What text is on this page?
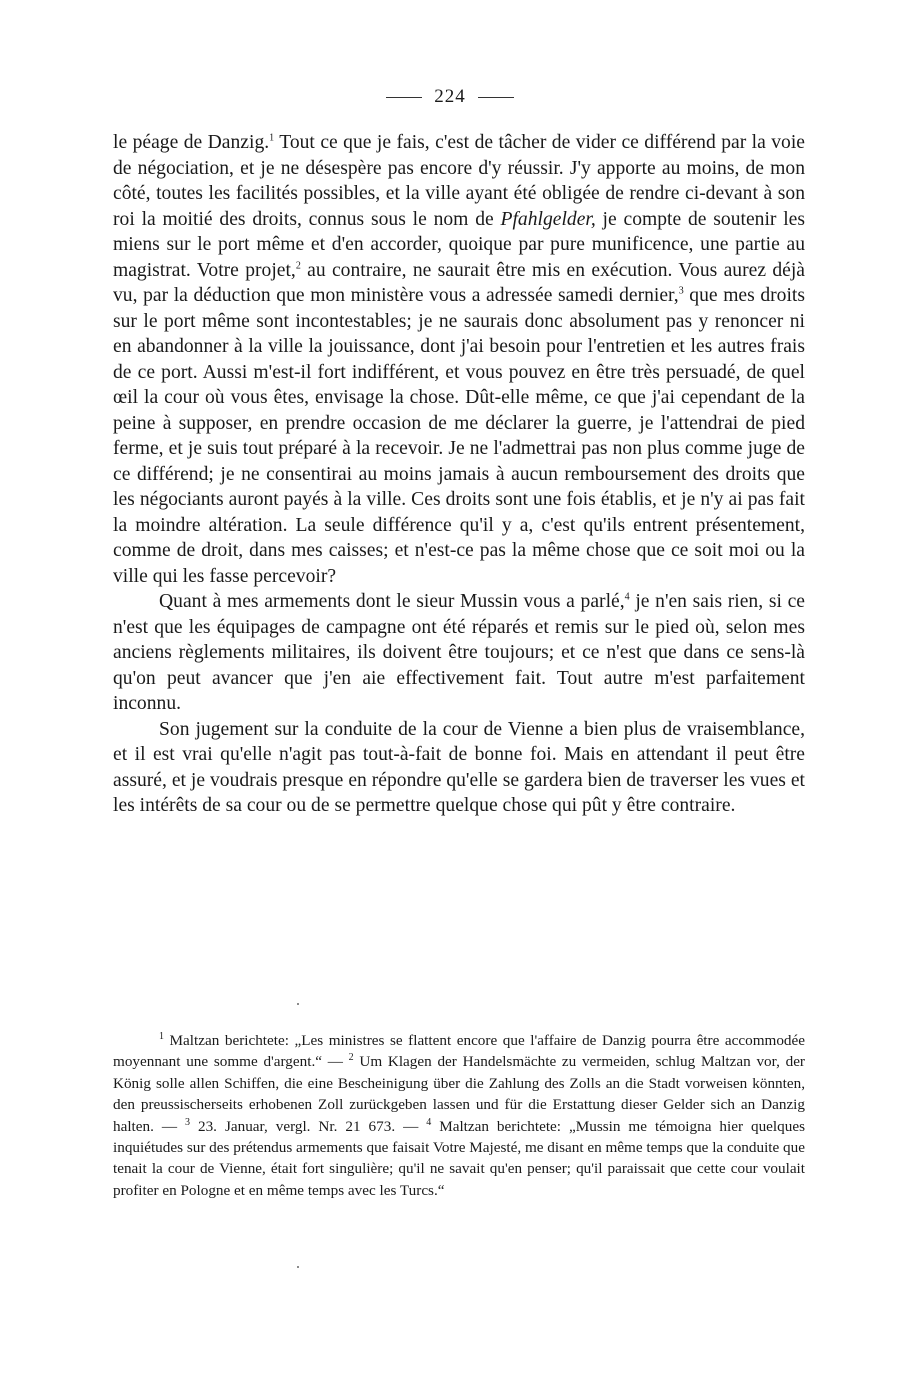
224

le péage de Danzig.$^1$ Tout ce que je fais, c'est de tâcher de vider ce différend par la voie de négociation, et je ne désespère pas encore d'y réussir. J'y apporte au moins, de mon côté, toutes les facilités possibles, et la ville ayant été obligée de rendre ci-devant à son roi la moitié des droits, connus sous le nom de Pfahlgelder, je compte de soutenir les miens sur le port même et d'en accorder, quoique par pure munificence, une partie au magistrat. Votre projet,$^2$ au contraire, ne saurait être mis en exécution. Vous aurez déjà vu, par la déduction que mon ministère vous a adressée samedi dernier,$^3$ que mes droits sur le port même sont incontestables; je ne saurais donc absolument pas y renoncer ni en abandonner à la ville la jouissance, dont j'ai besoin pour l'entretien et les autres frais de ce port. Aussi m'est-il fort indifférent, et vous pouvez en être très persuadé, de quel œil la cour où vous êtes, envisage la chose. Dût-elle même, ce que j'ai cependant de la peine à supposer, en prendre occasion de me déclarer la guerre, je l'attendrai de pied ferme, et je suis tout préparé à la recevoir. Je ne l'admettrai pas non plus comme juge de ce différend; je ne consentirai au moins jamais à aucun remboursement des droits que les négociants auront payés à la ville. Ces droits sont une fois établis, et je n'y ai pas fait la moindre altération. La seule différence qu'il y a, c'est qu'ils entrent présentement, comme de droit, dans mes caisses; et n'est-ce pas la même chose que ce soit moi ou la ville qui les fasse percevoir?

Quant à mes armements dont le sieur Mussin vous a parlé,$^4$ je n'en sais rien, si ce n'est que les équipages de campagne ont été réparés et remis sur le pied où, selon mes anciens règlements militaires, ils doivent être toujours; et ce n'est que dans ce sens-là qu'on peut avancer que j'en aie effectivement fait. Tout autre m'est parfaitement inconnu.

Son jugement sur la conduite de la cour de Vienne a bien plus de vraisemblance, et il est vrai qu'elle n'agit pas tout-à-fait de bonne foi. Mais en attendant il peut être assuré, et je voudrais presque en répondre qu'elle se gardera bien de traverser les vues et les intérêts de sa cour ou de se permettre quelque chose qui pût y être contraire.

$^1$ Maltzan berichtete: „Les ministres se flattent encore que l'affaire de Danzig pourra être accommodée moyennant une somme d'argent.“ — $^2$ Um Klagen der Handelsmächte zu vermeiden, schlug Maltzan vor, der König solle allen Schiffen, die eine Bescheinigung über die Zahlung des Zolls an die Stadt vorweisen könnten, den preussischerseits erhobenen Zoll zurückgeben lassen und für die Erstattung dieser Gelder sich an Danzig halten. — $^3$ 23. Januar, vergl. Nr. 21 673. — $^4$ Maltzan berichtete: „Mussin me témoigna hier quelques inquiétudes sur des prétendus armements que faisait Votre Majesté, me disant en même temps que la conduite que tenait la cour de Vienne, était fort singulière; qu'il ne savait qu'en penser; qu'il paraissait que cette cour voulait profiter en Pologne et en même temps avec les Turcs.“
